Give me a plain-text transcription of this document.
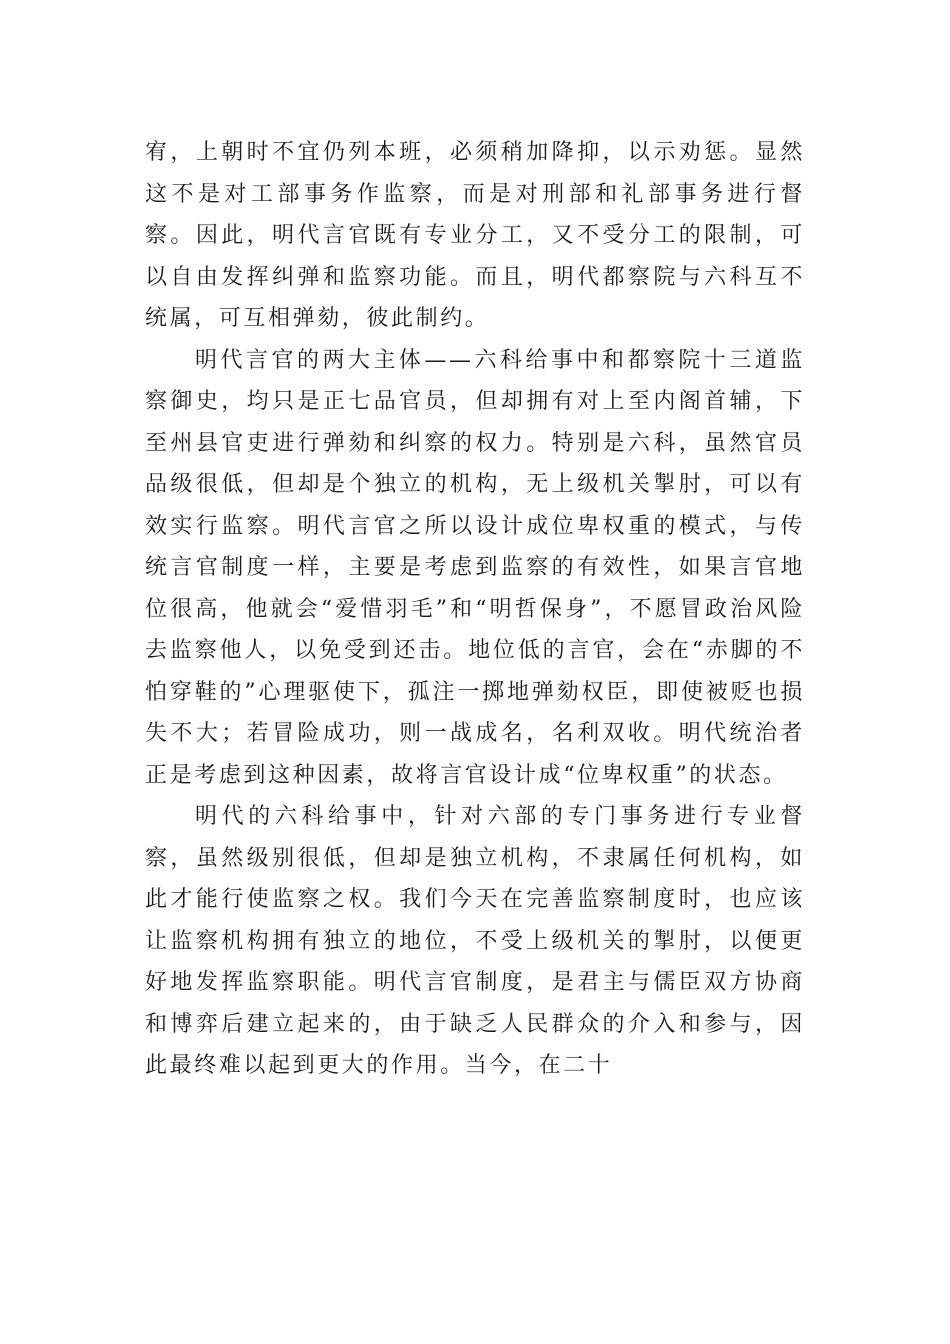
宥，上朝时不宜仍列本班，必须稍加降抑，以示劝惩。显然这不是对工部事务作监察，而是对刑部和礼部事务进行督察。因此，明代言官既有专业分工，又不受分工的限制，可以自由发挥纠弹和监察功能。而且，明代都察院与六科互不统属，可互相弹劾，彼此制约。

明代言官的两大主体——六科给事中和都察院十三道监察御史，均只是正七品官员，但却拥有对上至内阁首辅，下至州县官吏进行弹劾和纠察的权力。特别是六科，虽然官员品级很低，但却是个独立的机构，无上级机关掣肘，可以有效实行监察。明代言官之所以设计成位卑权重的模式，与传统言官制度一样，主要是考虑到监察的有效性，如果言官地位很高，他就会“爱惜羽毛”和“明哲保身”，不愿冒政治风险去监察他人，以免受到还击。地位低的言官，会在“赤脚的不怕穿鞋的”心理驱使下，孤注一掷地弹劾权臣，即使被贬也损失不大；若冒险成功，则一战成名，名利双收。明代统治者正是考虑到这种因素，故将言官设计成“位卑权重”的状态。

明代的六科给事中，针对六部的专门事务进行专业督察，虽然级别很低，但却是独立机构，不隶属任何机构，如此才能行使监察之权。我们今天在完善监察制度时，也应该让监察机构拥有独立的地位，不受上级机关的掣肘，以便更好地发挥监察职能。明代言官制度，是君主与儒臣双方协商和博弈后建立起来的，由于缺乏人民群众的介入和参与，因此最终难以起到更大的作用。当今，在二十
